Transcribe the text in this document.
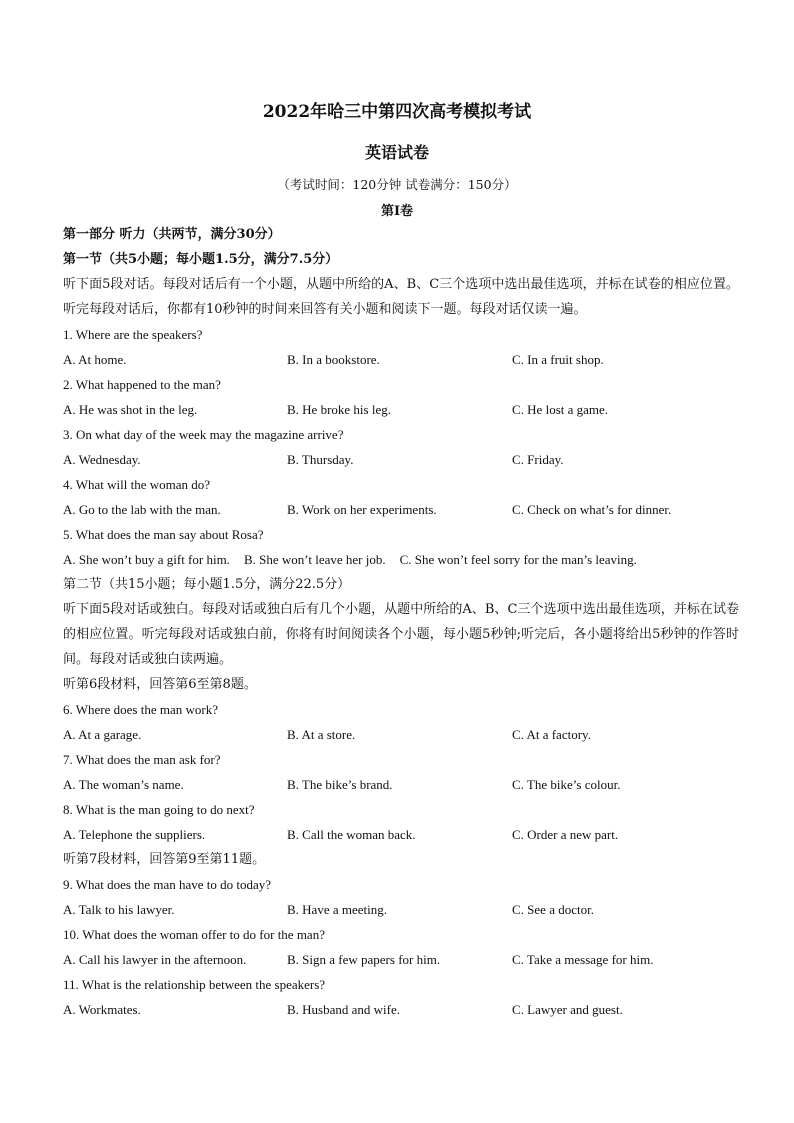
2022年哈三中第四次高考模拟考试
英语试卷
（考试时间：120分钟 试卷满分：150分）
第I卷
第一部分 听力（共两节，满分30分）
第一节（共5小题；每小题1.5分，满分7.5分）
听下面5段对话。每段对话后有一个小题，从题中所给的A、B、C三个选项中选出最佳选项，并标在试卷的相应位置。听完每段对话后，你都有10秒钟的时间来回答有关小题和阅读下一题。每段对话仅读一遍。
1. Where are the speakers?
A. At home.	B. In a bookstore.	C. In a fruit shop.
2. What happened to the man?
A. He was shot in the leg.	B. He broke his leg.	C. He lost a game.
3. On what day of the week may the magazine arrive?
A. Wednesday.	B. Thursday.	C. Friday.
4. What will the woman do?
A. Go to the lab with the man.	B. Work on her experiments.	C. Check on what’s for dinner.
5. What does the man say about Rosa?
A. She won’t buy a gift for him. B. She won’t leave her job. C. She won’t feel sorry for the man’s leaving.
第二节（共15小题；每小题1.5分，满分22.5分）
听下面5段对话或独白。每段对话或独白后有几个小题，从题中所给的A、B、C三个选项中选出最佳选项，并标在试卷的相应位置。听完每段对话或独白前，你将有时间阅读各个小题，每小题5秒钟;听完后，各小题将给出5秒钟的作答时间。每段对话或独白读两遍。
听第6段材料，回答第6至第8题。
6. Where does the man work?
A. At a garage.	B. At a store.	C. At a factory.
7. What does the man ask for?
A. The woman’s name.	B. The bike’s brand.	C. The bike’s colour.
8. What is the man going to do next?
A. Telephone the suppliers.	B. Call the woman back.	C. Order a new part.
听第7段材料，回答第9至第11题。
9. What does the man have to do today?
A. Talk to his lawyer.	B. Have a meeting.	C. See a doctor.
10. What does the woman offer to do for the man?
A. Call his lawyer in the afternoon.	B. Sign a few papers for him.	C. Take a message for him.
11. What is the relationship between the speakers?
A. Workmates.	B. Husband and wife.	C. Lawyer and guest.
